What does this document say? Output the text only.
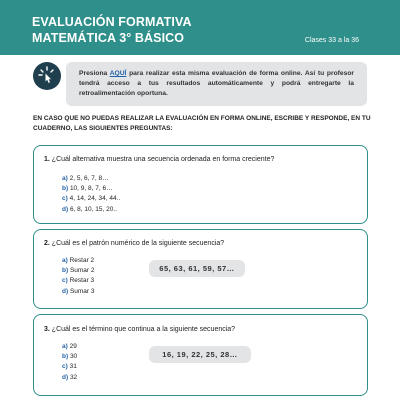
EVALUACIÓN FORMATIVA
MATEMÁTICA 3° BÁSICO	Clases 33 a la 36
Presiona AQUÍ para realizar esta misma evaluación de forma online. Así tu profesor tendrá acceso a tus resultados automáticamente y podrá entregarte la retroalimentación oportuna.
EN CASO QUE NO PUEDAS REALIZAR LA EVALUACIÓN EN FORMA ONLINE, ESCRIBE Y RESPONDE, EN TU CUADERNO, LAS SIGUIENTES PREGUNTAS:
1. ¿Cuál alternativa muestra una secuencia ordenada en forma creciente?
a) 2, 5, 6, 7, 8…
b) 10, 9, 8, 7, 6…
c) 4, 14, 24, 34, 44..
d) 6, 8, 10, 15, 20..
2. ¿Cuál es el patrón numérico de la siguiente secuencia?
a) Restar 2
b) Sumar 2
c) Restar 3
d) Sumar 3
65, 63, 61, 59, 57…
3. ¿Cuál es el término que continua a la siguiente secuencia?
a) 29
b) 30
c) 31
d) 32
16, 19, 22, 25, 28…
